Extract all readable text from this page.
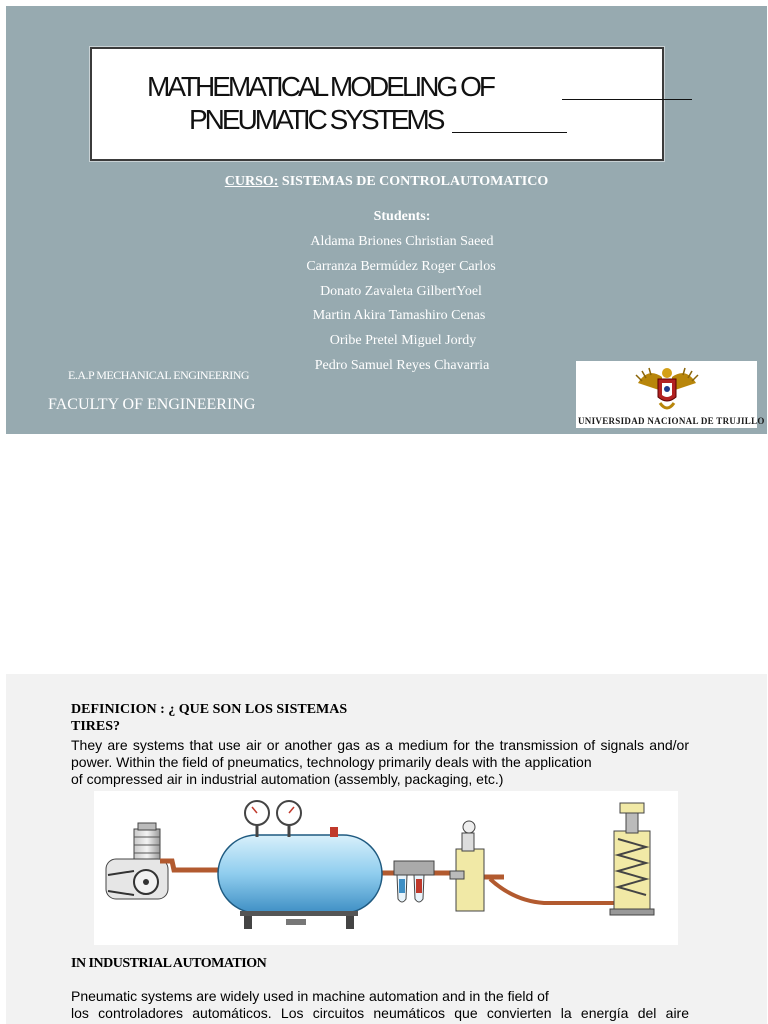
MATHEMATICAL MODELING OF
PNEUMATIC SYSTEMS
CURSO: SISTEMAS DE CONTROLAUTOMATICO
Students:
Aldama Briones Christian Saeed
Carranza Bermúdez Roger Carlos
Donato Zavaleta GilbertYoel
Martin Akira Tamashiro Cenas
Oribe Pretel Miguel Jordy
Pedro Samuel Reyes Chavarria
E.A.P MECHANICAL ENGINEERING
FACULTY OF ENGINEERING
UNIVERSIDAD NACIONAL DE TRUJILLO
DEFINICION : ¿ QUE SON LOS SISTEMAS
TIRES?
They are systems that use air or another gas as a medium for the transmission of signals and/or
power. Within the field of pneumatics, technology primarily deals with the application
of compressed air in industrial automation (assembly, packaging, etc.)
IN INDUSTRIAL AUTOMATION
Pneumatic systems are widely used in machine automation and in the field of
los controladores automáticos. Los circuitos neumáticos que convierten la energía del aire
